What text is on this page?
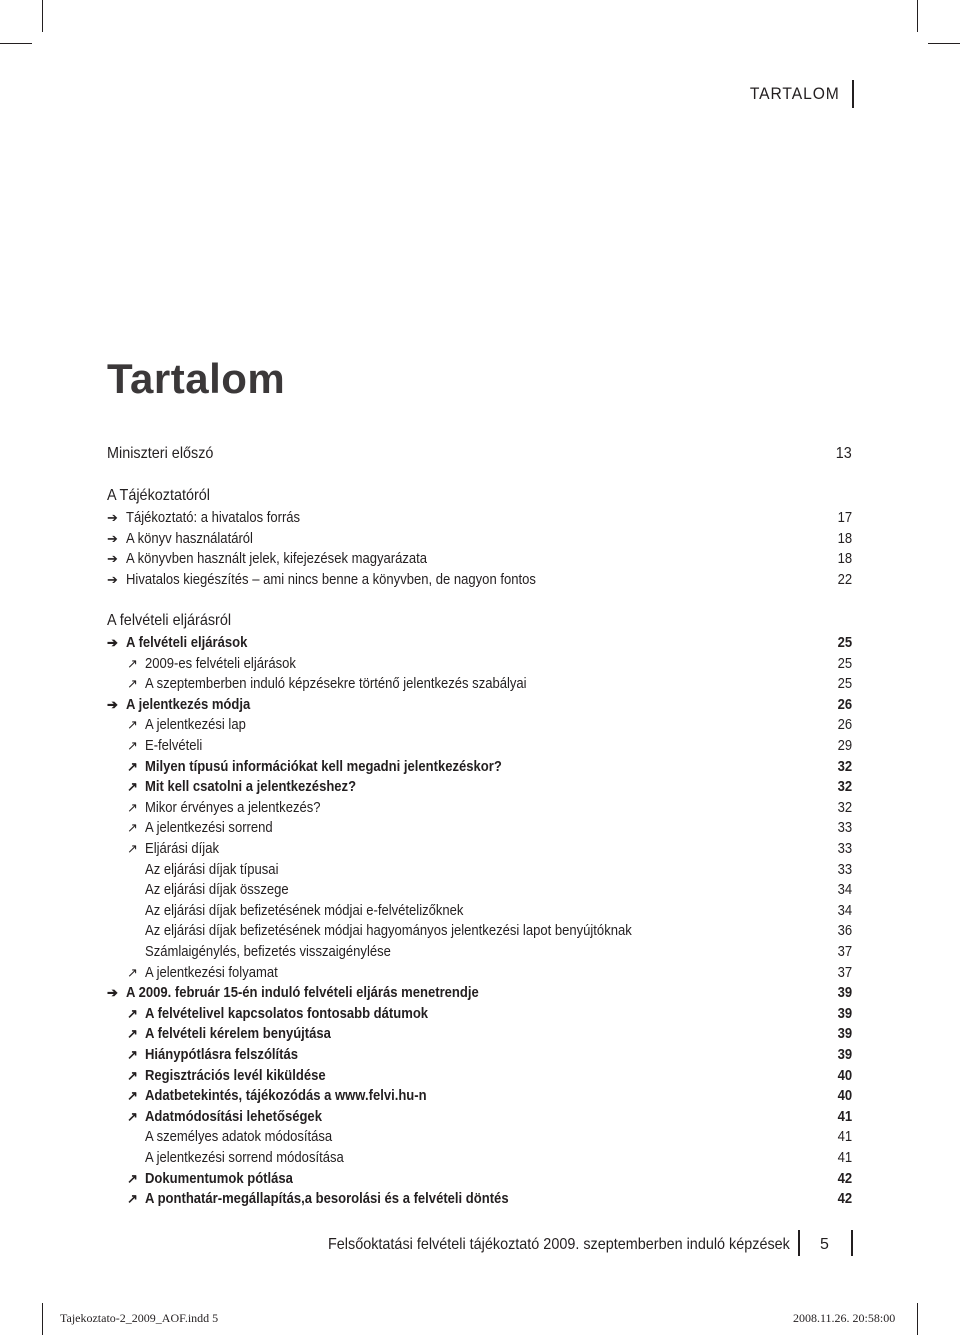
TARTALOM
Tartalom
Miniszteri előszó	13
A Tájékoztatóról
➔ Tájékoztató: a hivatalos forrás	17
➔ A könyv használatáról	18
➔ A könyvben használt jelek, kifejezések magyarázata	18
➔ Hivatalos kiegészítés – ami nincs benne a könyvben, de nagyon fontos	22
A felvételi eljárásról
➔ A felvételi eljárások	25
↗ 2009-es felvételi eljárások	25
↗ A szeptemberben induló képzésekre történő jelentkezés szabályai	25
➔ A jelentkezés módja	26
↗ A jelentkezési lap	26
↗ E-felvételi	29
↗ Milyen típusú információkat kell megadni jelentkezéskor?	32
↗ Mit kell csatolni a jelentkezéshez?	32
↗ Mikor érvényes a jelentkezés?	32
↗ A jelentkezési sorrend	33
↗ Eljárási díjak	33
Az eljárási díjak típusai	33
Az eljárási díjak összege	34
Az eljárási díjak befizetésének módjai e-felvételizőknek	34
Az eljárási díjak befizetésének módjai hagyományos jelentkezési lapot benyújtóknak	36
Számlaigénylés, befizetés visszaigénylése	37
↗ A jelentkezési folyamat	37
➔ A 2009. február 15-én induló felvételi eljárás menetrendje	39
↗ A felvételivel kapcsolatos fontosabb dátumok	39
↗ A felvételi kérelem benyújtása	39
↗ Hiánypótlásra felszólítás	39
↗ Regisztrációs levél kiküldése	40
↗ Adatbetekintés, tájékozódás a www.felvi.hu-n	40
↗ Adatmódosítási lehetőségek	41
A személyes adatok módosítása	41
A jelentkezési sorrend módosítása	41
↗ Dokumentumok pótlása	42
↗ A ponthatár-megállapítás,a besorolási és a felvételi döntés	42
Felsőoktatási felvételi tájékoztató 2009. szeptemberben induló képzések 5
Tajekoztato-2_2009_AOF.indd 5	2008.11.26. 20:58:00
